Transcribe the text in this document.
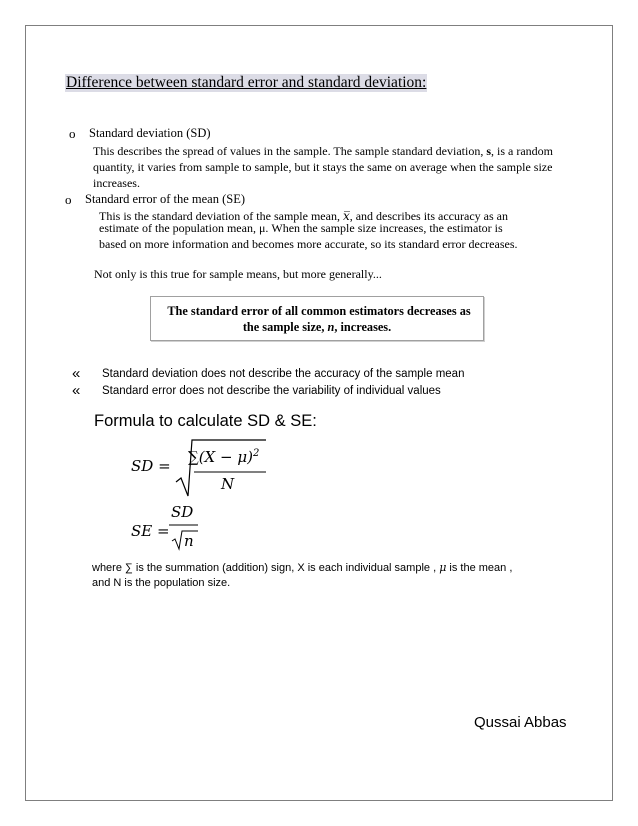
Difference between standard error and standard deviation:
o Standard deviation (SD)
This describes the spread of values in the sample. The sample standard deviation, s, is a random quantity, it varies from sample to sample, but it stays the same on average when the sample size increases.
o Standard error of the mean (SE)
This is the standard deviation of the sample mean, x̅, and describes its accuracy as an
estimate of the population mean, μ. When the sample size increases, the estimator is
based on more information and becomes more accurate, so its standard error decreases.
Not only is this true for sample means, but more generally...
The standard error of all common estimators decreases as
the sample size, n, increases.
« Standard deviation does not describe the accuracy of the sample mean
« Standard error does not describe the variability of individual values
Formula to calculate SD & SE:
SD = $\sum(X - \mu)^2$
N
SE =
SD
n
where ∑ is the summation (addition) sign, X is each individual sample , μ is the mean ,
and N is the population size.
Qussai Abbas
